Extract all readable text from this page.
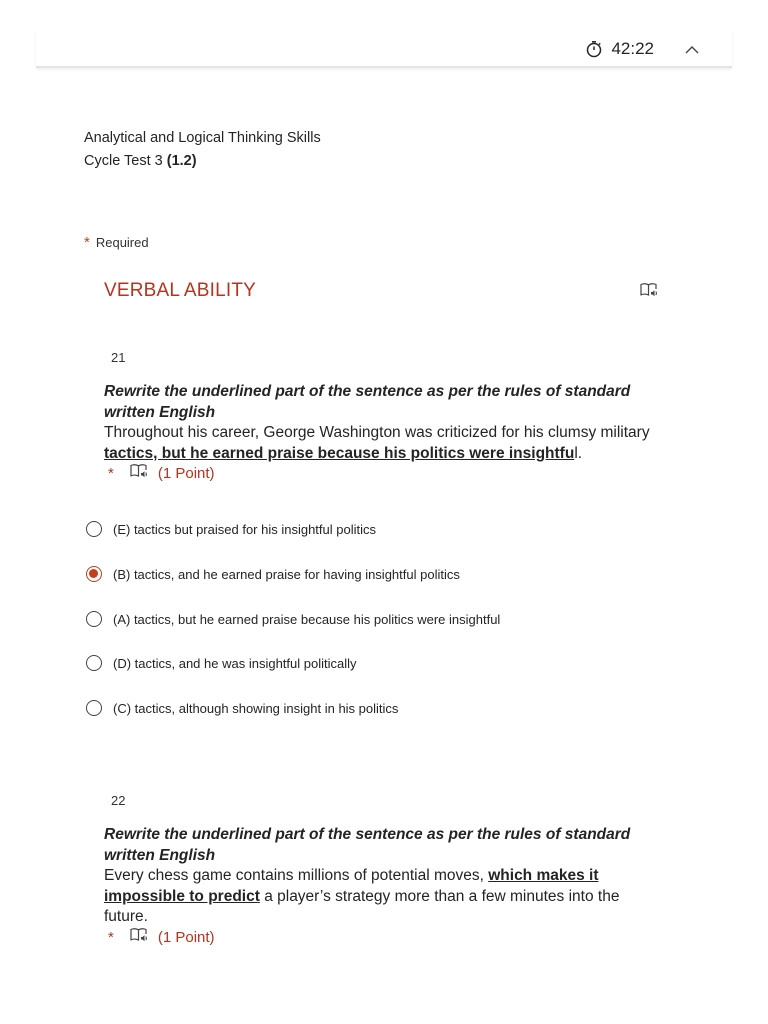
42:22
Analytical and Logical Thinking Skills
Cycle Test 3 (1.2)
* Required
VERBAL ABILITY
21
Rewrite the underlined part of the sentence as per the rules of standard written English
Throughout his career, George Washington was criticized for his clumsy military tactics, but he earned praise because his politics were insightful.
*	(1 Point)
(E) tactics but praised for his insightful politics
(B) tactics, and he earned praise for having insightful politics
(A) tactics, but he earned praise because his politics were insightful
(D) tactics, and he was insightful politically
(C) tactics, although showing insight in his politics
22
Rewrite the underlined part of the sentence as per the rules of standard written English
Every chess game contains millions of potential moves, which makes it impossible to predict a player’s strategy more than a few minutes into the future.
*	(1 Point)
